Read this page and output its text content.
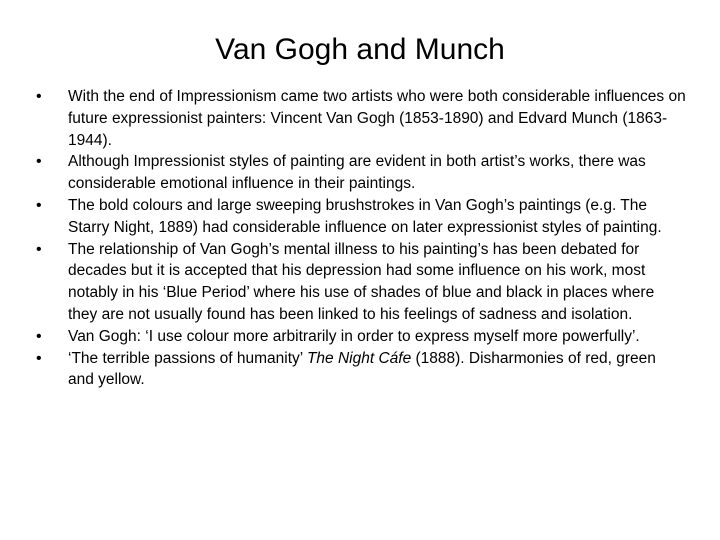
Van Gogh and Munch
• With the end of Impressionism came two artists who were both considerable influences on future expressionist painters: Vincent Van Gogh (1853-1890) and Edvard Munch (1863-1944).
• Although Impressionist styles of painting are evident in both artist’s works, there was considerable emotional influence in their paintings.
• The bold colours and large sweeping brushstrokes in Van Gogh’s paintings (e.g. The Starry Night, 1889) had considerable influence on later expressionist styles of painting.
• The relationship of Van Gogh’s mental illness to his painting’s has been debated for decades but it is accepted that his depression had some influence on his work, most notably in his ‘Blue Period’ where his use of shades of blue and black in places where they are not usually found has been linked to his feelings of sadness and isolation.
• Van Gogh: ‘I use colour more arbitrarily in order to express myself more powerfully’.
• ‘The terrible passions of humanity’ The Night Cáfe (1888). Disharmonies of red, green and yellow.
